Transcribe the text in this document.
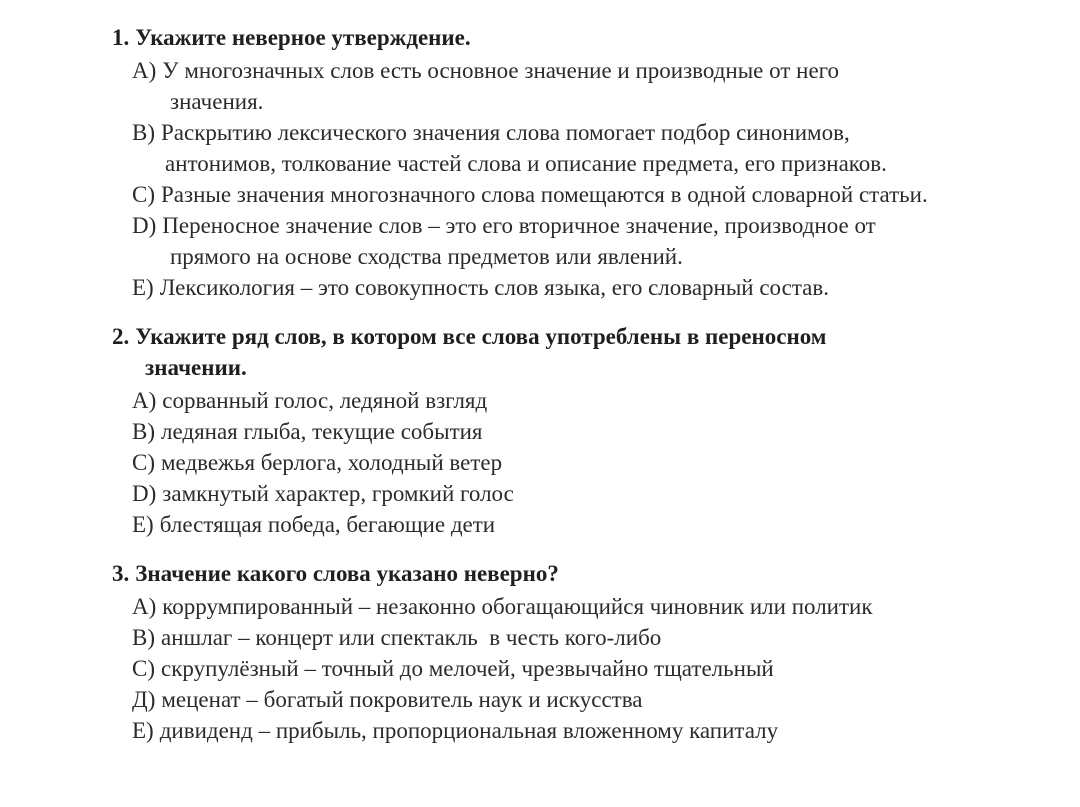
1. Укажите неверное утверждение.
A) У многозначных слов есть основное значение и производные от него
значения.
B) Раскрытию лексического значения слова помогает подбор синонимов,
антонимов, толкование частей слова и описание предмета, его признаков.
C) Разные значения многозначного слова помещаются в одной словарной статьи.
D) Переносное значение слов – это его вторичное значение, производное от
прямого на основе сходства предметов или явлений.
E) Лексикология – это совокупность слов языка, его словарный состав.
2. Укажите ряд слов, в котором все слова употреблены в переносном
значении.
A) сорванный голос, ледяной взгляд
B) ледяная глыба, текущие события
C) медвежья берлога, холодный ветер
D) замкнутый характер, громкий голос
E) блестящая победа, бегающие дети
3. Значение какого слова указано неверно?
A) коррумпированный – незаконно обогащающийся чиновник или политик
B) аншлаг – концерт или спектакль  в честь кого-либо
C) скрупулёзный – точный до мелочей, чрезвычайно тщательный
Д) меценат – богатый покровитель наук и искусства
E) дивиденд – прибыль, пропорциональная вложенному капиталу
